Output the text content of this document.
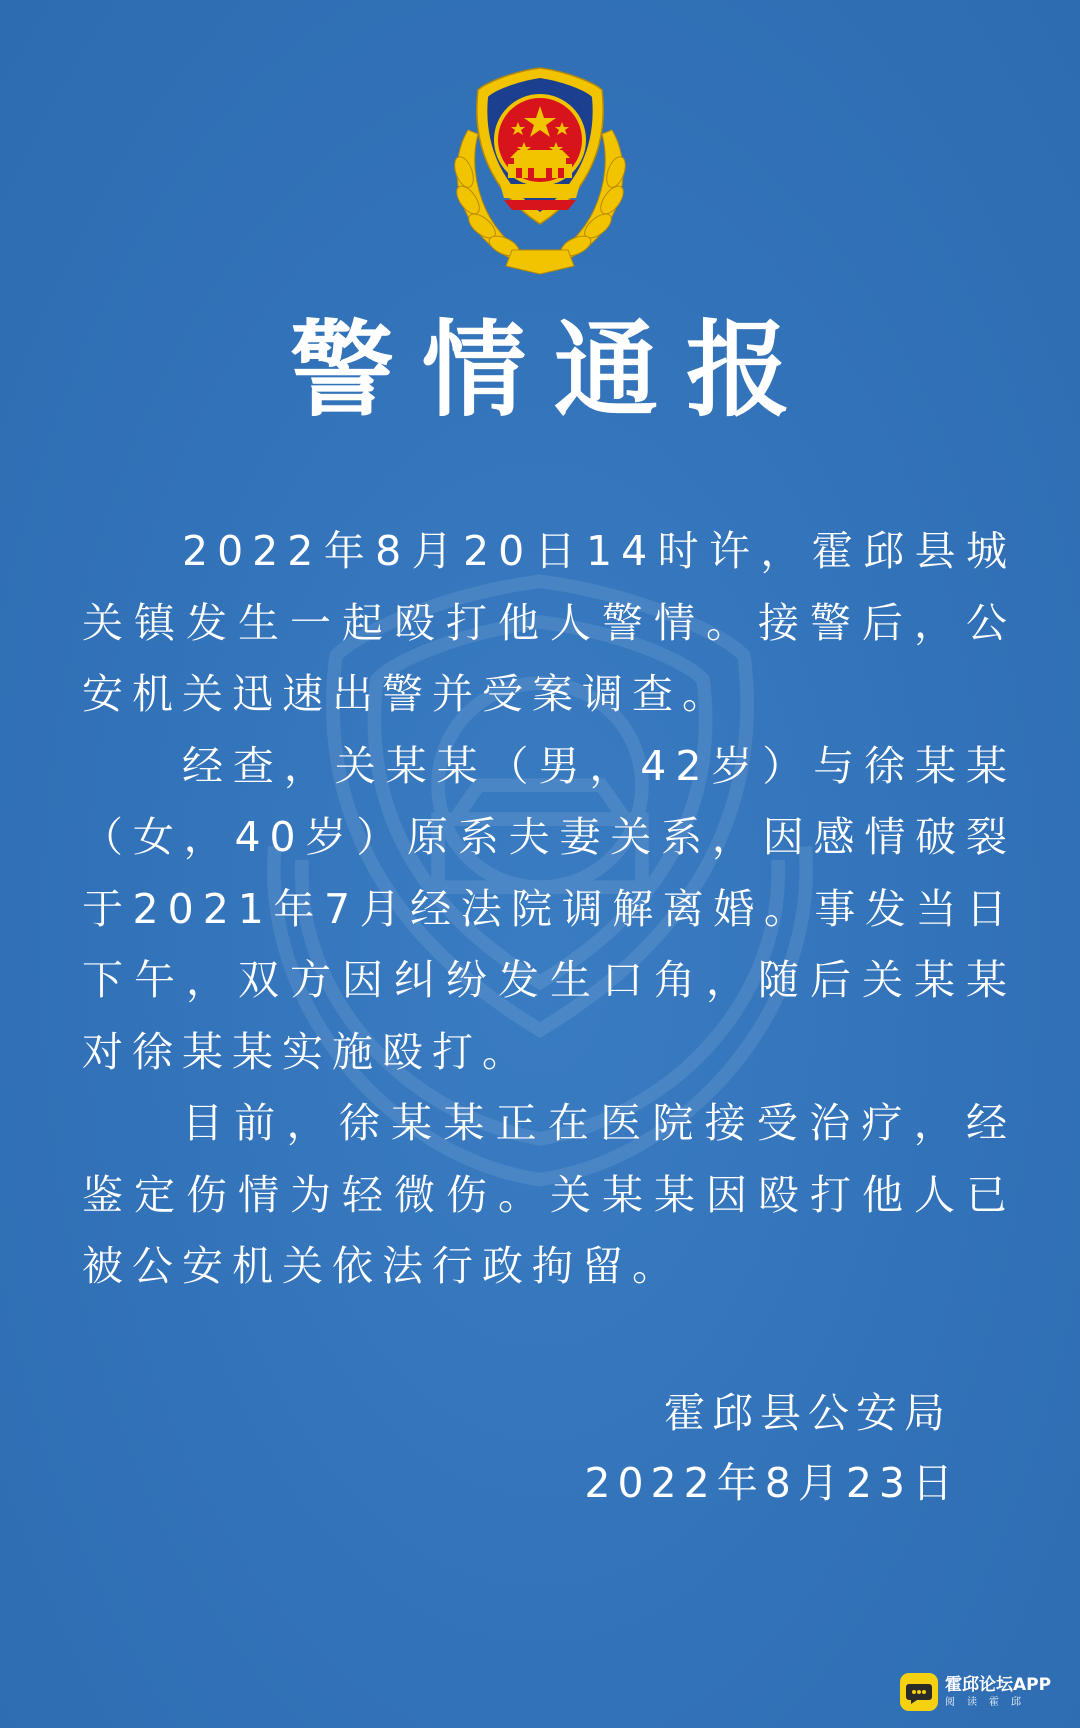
警情通报

2022年8月20日14时许，霍邱县城关镇发生一起殴打他人警情。接警后，公安机关迅速出警并受案调查。

经查，关某某（男，42岁）与徐某某（女，40岁）原系夫妻关系，因感情破裂于2021年7月经法院调解离婚。事发当日下午，双方因纠纷发生口角，随后关某某对徐某某实施殴打。

目前，徐某某正在医院接受治疗，经鉴定伤情为轻微伤。关某某因殴打他人已被公安机关依法行政拘留。

霍邱县公安局
2022年8月23日
霍邱论坛APP
阅读霍邱
